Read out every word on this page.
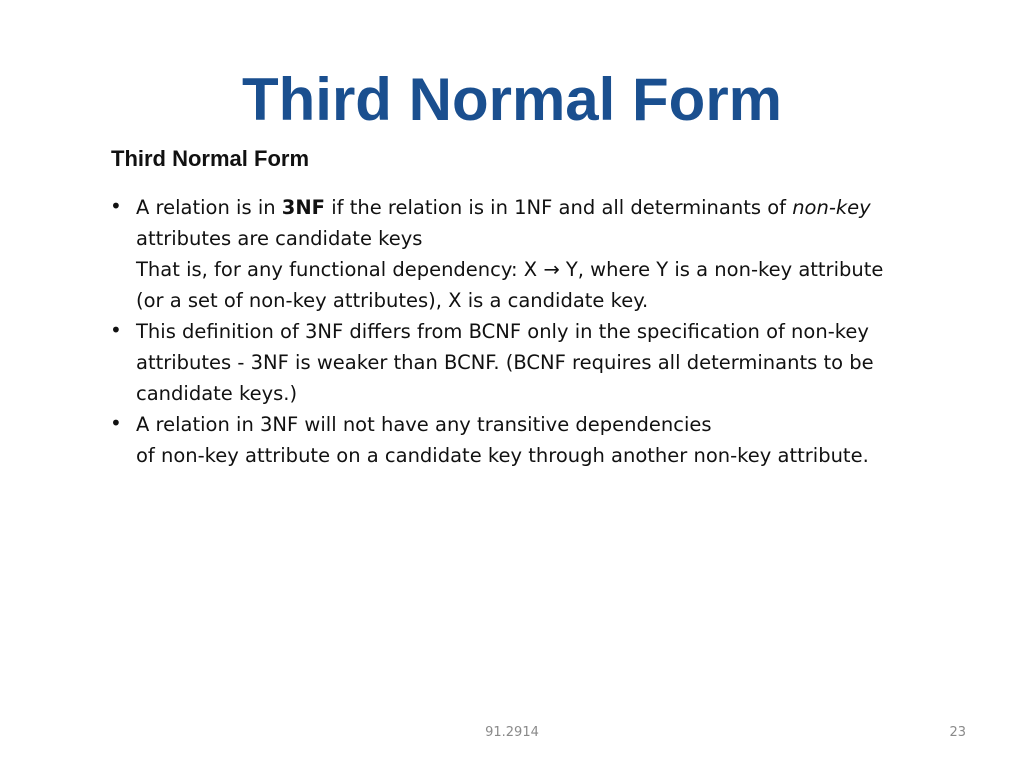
Third Normal Form
Third Normal Form
• A relation is in 3NF if the relation is in 1NF and all determinants of non-key
attributes are candidate keys
That is, for any functional dependency: X → Y, where Y is a non-key attribute
(or a set of non-key attributes), X is a candidate key.
• This definition of 3NF differs from BCNF only in the specification of non-key
attributes - 3NF is weaker than BCNF. (BCNF requires all determinants to be
candidate keys.)
• A relation in 3NF will not have any transitive dependencies
of non-key attribute on a candidate key through another non-key attribute.
91.2914	23
